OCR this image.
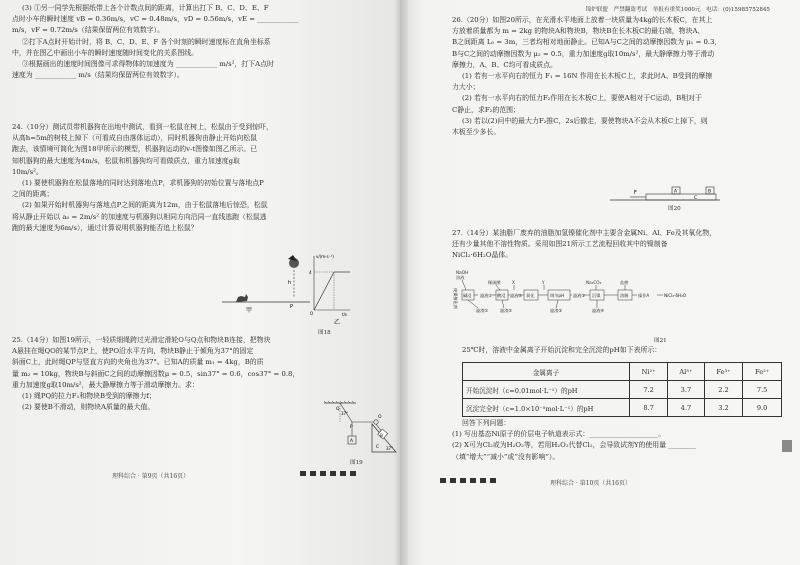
(3) ①另一同学先根据纸带上各个计数点间的距离，计算出打下 B、C、D、E、F

点时小车的瞬时速度 vB = 0.36m/s，vC = 0.48m/s，vD = 0.56m/s，vE = ____________

m/s，vF = 0.72m/s（结果保留两位有效数字）。

②打下A点时开始计时，将 B、C、D、E、F 各个时刻的瞬时速度标在直角坐标系

中，并在图乙中画出小车的瞬时速度随时间变化的关系图线。

③根据画出的速度时间图像可求得物体的加速度为 ____________ m/s²，打下A点时

速度为 ____________ m/s（结果均保留两位有效数字）。

24.（10分）测试员带机器狗在出地中测试，看到一松鼠在树上，松鼠由于受到惊吓，

从高h=5m的树枝上掉下（可看成自由落体运动），同时机器狗由静止开始向松鼠

跑去，该情境可简化为图18甲所示的模型，机器狗运动的v-t图像如图乙所示。已

知机器狗的最大速度为4m/s，松鼠和机器狗均可看做质点，重力加速度g取

10m/s²。

(1) 要使机器狗在松鼠落地的同时达到落地点P，求机器狗的初始位置与落地点P

之间的距离；

(2) 如果开始时机器狗与落地点P之间的距离为12m，由于松鼠落地后惊恐，松鼠

将从静止开始以 a₀ = 2m/s² 的加速度与机器狗以相同方向沿同一直线逃跑（松鼠逃

跑的最大速度为6m/s），通过计算说明机器狗能否追上松鼠？

h
P
甲
v/(m·s⁻¹)
t/s
4
O
乙
图18

25.（14分）如图19所示，一轻质细绳跨过光滑定滑轮O与Q点和物块B连接，把物块

A悬挂在绳QO的某节点P上，使PO沿水平方向，物块B静止于倾角为37°的固定

斜面C上，此时绳QP与竖直方向的夹角也为37°。已知A的质量 m₁ = 4kg，B的质

量 m₂ = 10kg，物块B与斜面C之间的动摩擦因数μ = 0.5，sin37° = 0.6，cos37° = 0.8，

重力加速度g取10m/s²，最大静摩擦力等于滑动摩擦力。求：

(1) 绳PQ的拉力F₁和物块B受到的摩擦力f；

(2) 要使B不滑动，则物块A质量的最大值。	Q
37°
P
O
A
B
C 37°
图19
理科综合 · 第9页（共16页）
锦炉联盟　严禁翻盗考试　举报有重奖1000元　电话：(0)15985752845

26.（20分）如图20所示，在光滑水平地面上放着一块质量为4kg的长木板C，在其上

方放着质量都为 m = 2kg 的物块A和物块B，物块B在长木板C的最右端，物块A、

B之间距离 L₀ = 3m，三者均相对地面静止。已知A与C之间的动摩擦因数为 μ₁ = 0.3，

B与C之间的动摩擦因数为 μ₂ = 0.5，重力加速度g取10m/s²，最大静摩擦力等于滑动

摩擦力，A、B、C均可看成质点。

(1) 若有一水平向右的恒力 F₁ = 16N 作用在长木板C上，求此时A、B受到的摩擦

力大小；

(2) 若有一水平向右的恒力F₂作用在长木板C上，要使A相对于C运动，B相对于

C静止，求F₂的范围；

(3) 若以(2)问中的最大力F₂推C，2s后撤走，要使物块A不会从木板C上掉下，则

木板至少多长。

F	A	B
C
图20

27.（14分）某油脂厂废弃的油脂加氢镍催化剂中主要含金属Ni、Al、Fe及其氧化物，

还有少量其他不溶性物质。采用如图21所示工艺流程回收其中的镍制备

NiCl₂·6H₂O晶体。

NaOH
溶液
稀硫酸	X	Y	Na₂CO₃	盐酸
废镍催化剂 碱浸 滤液① 酸浸 滤液② 氧化	调节pH 滤液③ 沉镍	溶解 操作A	NiCl₂·6H₂O
滤渣①	滤渣②	滤渣③	滤液④
图21

25℃时，溶液中金属离子开始沉淀和完全沉淀的pH如下表所示：

金属离子	Ni²⁺	Al³⁺	Fe³⁺	Fe²⁺
开始沉淀时（c=0.01mol·L⁻¹）的pH	7.2	3.7	2.2	7.5
沉淀完全时（c=1.0×10⁻⁵mol·L⁻¹）的pH	8.7	4.7	3.2	9.0

回答下列问题：

(1) 写出基态Ni原子的价层电子轨道表示式：____________________。

(2) X可为Cl₂或为H₂O₂等，若用H₂O₂代替Cl₂，会导致试剂Y的使用量 ________

（填“增大”“减小”或“没有影响”）。

理科综合 · 第10页（共16页）
